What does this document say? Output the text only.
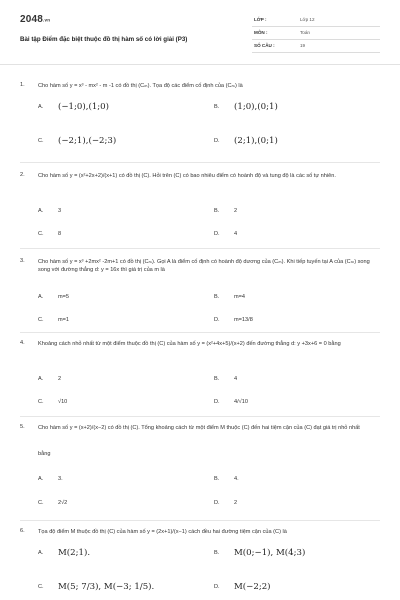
2048.vn
Bài tập Điểm đặc biệt thuộc đồ thị hàm số có lời giải (P3)
LỚP :	Lớp 12
MÔN :	Toán
SỐ CÂU :	19
1. Cho hàm số y = x³ - mx² - m -1 có đồ thị (Cₘ). Tọa độ các điểm cố định của (Cₘ) là
A. (−1;0),(1;0)	B. (1;0),(0;1)
C. (−2;1),(−2;3)	D. (2;1),(0;1)
2. Cho hàm số y = (x²+2x+2)/(x+1) có đồ thị (C). Hỏi trên (C) có bao nhiêu điểm có hoành độ và tung độ là các số tự nhiên.
A.	3	B.	2
C.	8	D.	4
3. Cho hàm số y = x³ +2mx² -2m+1 có đồ thị (Cₘ). Gọi A là điểm cố định có hoành độ dương của (Cₘ). Khi tiếp tuyến tại A của (Cₘ) song song với đường thẳng d: y = 16x thì giá trị của m là
A.	m=5	B.	m=4
C.	m=1	D.	m=13/8
4. Khoảng cách nhỏ nhất từ một điểm thuộc đồ thị (C) của hàm số y = (x²+4x+5)/(x+2) đến đường thẳng d: y +3x+6 = 0 bằng
A.	2	B.	4
C.	√10	D.	4/√10
5. Cho hàm số y = (x+2)/(x−2) có đồ thị (C). Tổng khoảng cách từ một điểm M thuộc (C) đến hai tiệm cận của (C) đạt giá trị nhỏ nhất
bằng
A.	3.	B.	4.
C.	2√2	D.	2
6. Tọa độ điểm M thuộc đồ thị (C) của hàm số y = (2x+1)/(x−1) cách đều hai đường tiệm cận của (C) là
A. M(2;1).	B. M(0;−1), M(4;3)
C. M(5; 7/3), M(−3; 1/5).	D. M(−2;2)
